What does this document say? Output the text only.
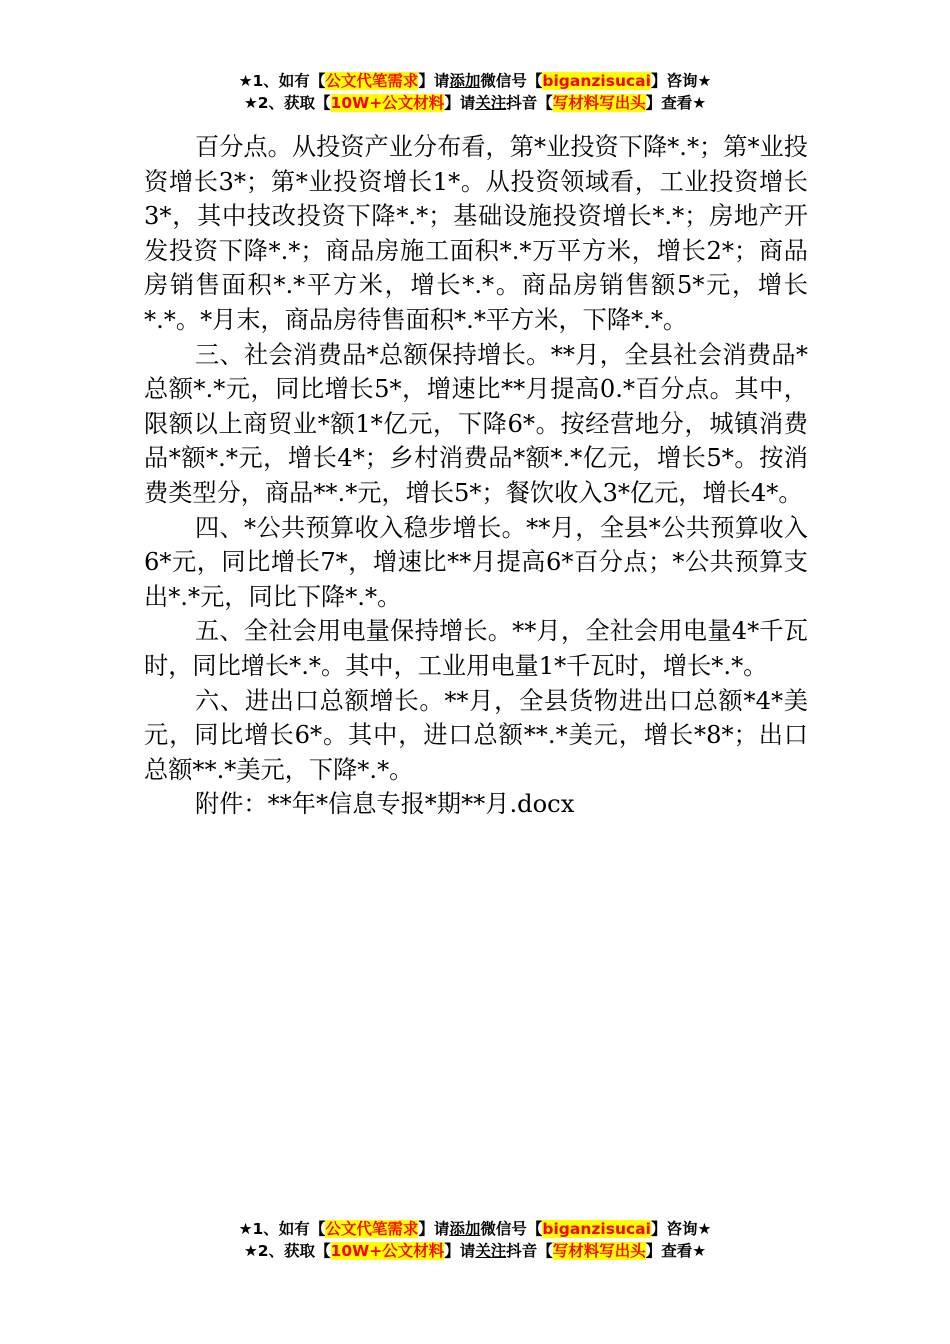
★1、如有【公文代笔需求】请添加微信号【biganzisucai】咨询★
★2、获取【10W+公文材料】请关注抖音【写材料写出头】查看★

百分点。从投资产业分布看，第*业投资下降*.*；第*业投资增长3*；第*业投资增长1*。从投资领域看，工业投资增长3*，其中技改投资下降*.*；基础设施投资增长*.*；房地产开发投资下降*.*；商品房施工面积*.*万平方米，增长2*；商品房销售面积*.*平方米，增长*.*。商品房销售额5*元，增长*.*。*月末，商品房待售面积*.*平方米，下降*.*。

三、社会消费品*总额保持增长。**月，全县社会消费品*总额*.*元，同比增长5*，增速比**月提高0.*百分点。其中，限额以上商贸业*额1*亿元，下降6*。按经营地分，城镇消费品*额*.*元，增长4*；乡村消费品*额*.*亿元，增长5*。按消费类型分，商品**.*元，增长5*；餐饮收入3*亿元，增长4*。

四、*公共预算收入稳步增长。**月，全县*公共预算收入6*元，同比增长7*，增速比**月提高6*百分点；*公共预算支出*.*元，同比下降*.*。

五、全社会用电量保持增长。**月，全社会用电量4*千瓦时，同比增长*.*。其中，工业用电量1*千瓦时，增长*.*。

六、进出口总额增长。**月，全县货物进出口总额*4*美元，同比增长6*。其中，进口总额**.*美元，增长*8*；出口总额**.*美元，下降*.*。

附件：**年*信息专报*期**月.docx

★1、如有【公文代笔需求】请添加微信号【biganzisucai】咨询★
★2、获取【10W+公文材料】请关注抖音【写材料写出头】查看★
